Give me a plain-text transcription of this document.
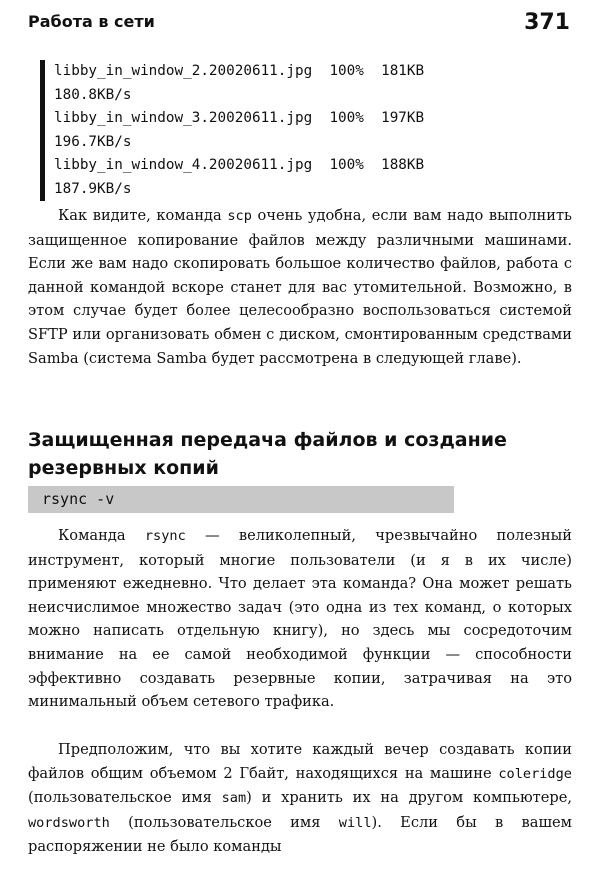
Работа в сети	371
libby_in_window_2.20020611.jpg  100%  181КВ
180.8КВ/s
libby_in_window_3.20020611.jpg  100%  197КВ
196.7КВ/s
libby_in_window_4.20020611.jpg  100%  188КВ
187.9КВ/s

Как видите, команда scp очень удобна, если вам надо выполнить защищенное копирование файлов между различными машинами. Если же вам надо скопировать большое количество файлов, работа с данной командой вскоре станет для вас утомительной. Возможно, в этом случае будет более целесообразно воспользоваться системой SFTP или организовать обмен с диском, смонтированным средствами Samba (система Samba будет рассмотрена в следующей главе).

Защищенная передача файлов и создание резервных копий
rsync -v

Команда rsync — великолепный, чрезвычайно полезный инструмент, который многие пользователи (и я в их числе) применяют ежедневно. Что делает эта команда? Она может решать неисчислимое множество задач (это одна из тех команд, о которых можно написать отдельную книгу), но здесь мы сосредоточим внимание на ее самой необходимой функции — способности эффективно создавать резервные копии, затрачивая на это минимальный объем сетевого трафика.

Предположим, что вы хотите каждый вечер создавать копии файлов общим объемом 2 Гбайт, находящихся на машине coleridge (пользовательское имя sam) и хранить их на другом компьютере, wordsworth (пользовательское имя will). Если бы в вашем распоряжении не было команды
